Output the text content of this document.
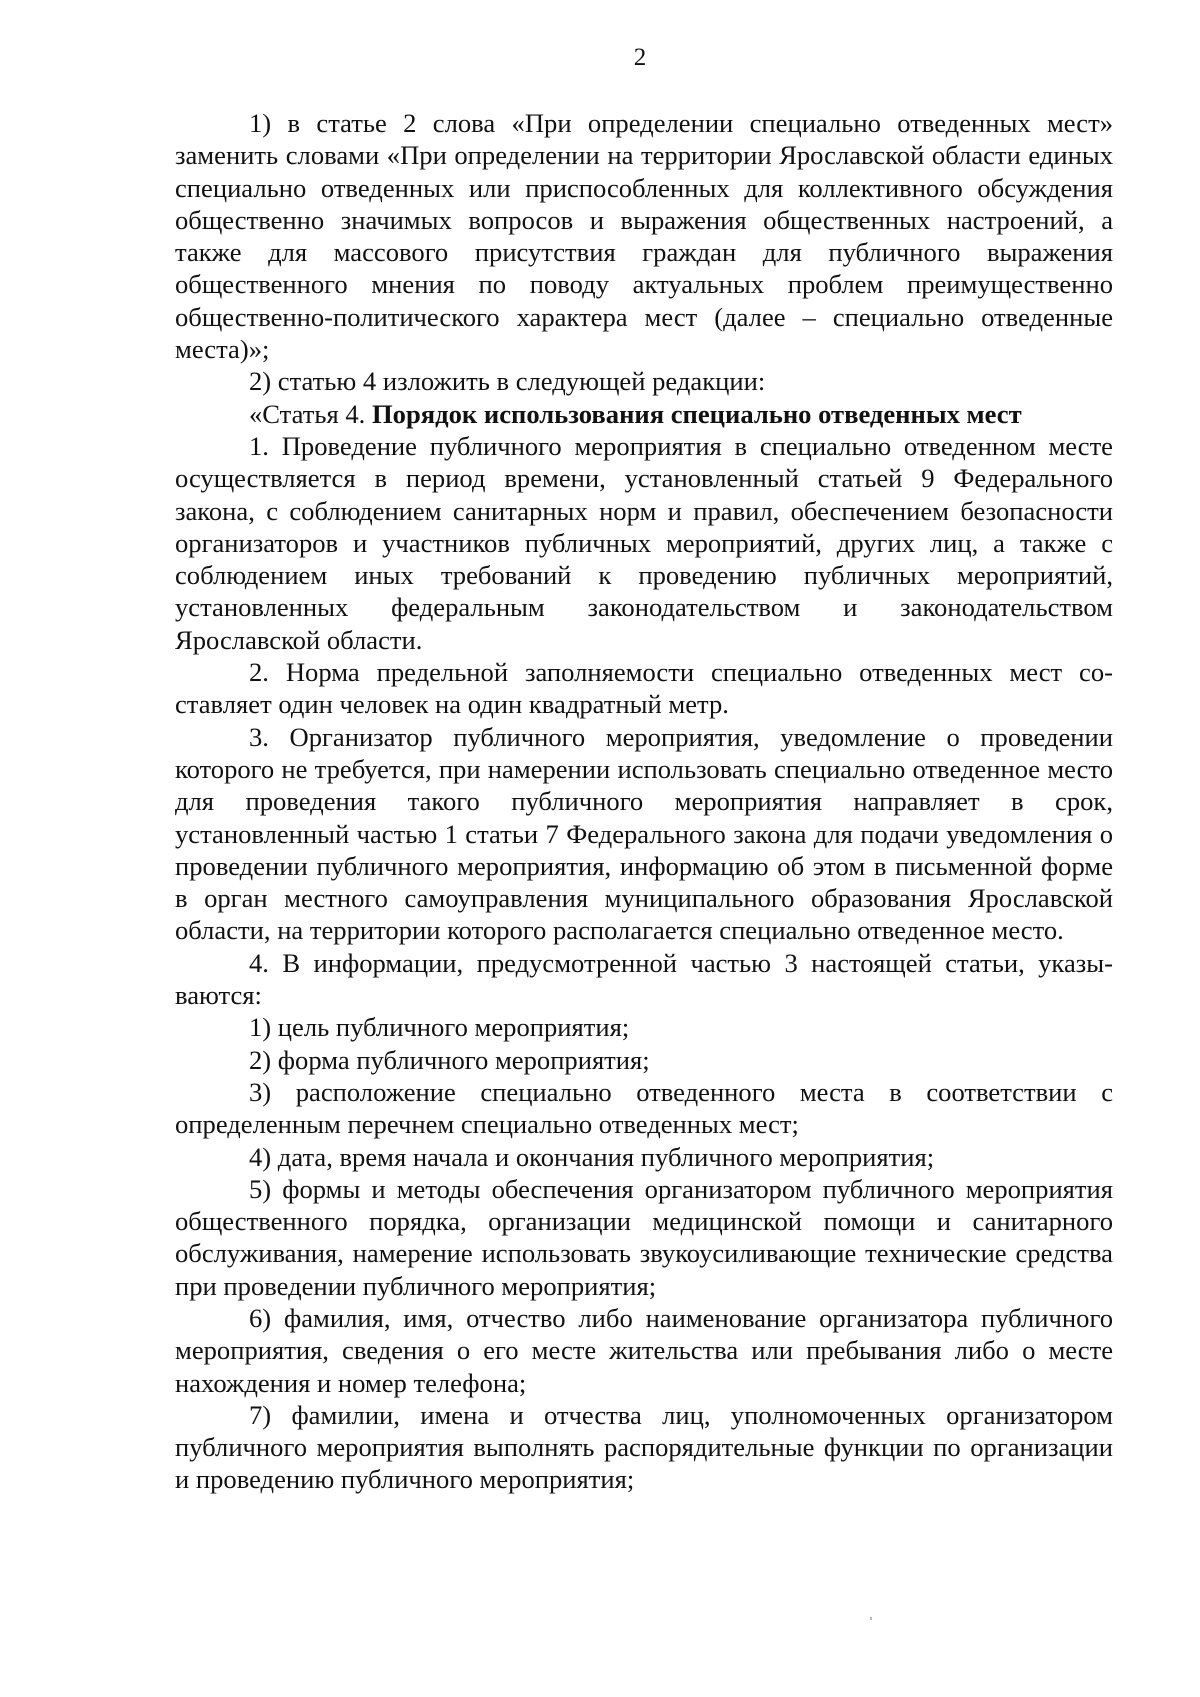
2

1) в статье 2 слова «При определении специально отведенных мест» заменить словами «При определении на территории Ярославской области единых специально отведенных или приспособленных для коллективного обсуждения общественно значимых вопросов и выражения общественных настроений, а также для массового присутствия граждан для публичного выражения общественного мнения по поводу актуальных проблем преимущественно общественно-политического характера мест (далее – специально отведенные места)»;

2) статью 4 изложить в следующей редакции:

«Статья 4. Порядок использования специально отведенных мест

1. Проведение публичного мероприятия в специально отведенном месте осуществляется в период времени, установленный статьей 9 Федерального закона, с соблюдением санитарных норм и правил, обеспечением безопасности организаторов и участников публичных мероприятий, других лиц, а также с соблюдением иных требований к проведению публичных мероприятий, установленных федеральным законодательством и законодательством Ярославской области.

2. Норма предельной заполняемости специально отведенных мест составляет один человек на один квадратный метр.

3. Организатор публичного мероприятия, уведомление о проведении которого не требуется, при намерении использовать специально отведенное место для проведения такого публичного мероприятия направляет в срок, установленный частью 1 статьи 7 Федерального закона для подачи уведомления о проведении публичного мероприятия, информацию об этом в письменной форме в орган местного самоуправления муниципального образования Ярославской области, на территории которого располагается специально отведенное место.

4. В информации, предусмотренной частью 3 настоящей статьи, указываются:

1) цель публичного мероприятия;

2) форма публичного мероприятия;

3) расположение специально отведенного места в соответствии с определенным перечнем специально отведенных мест;

4) дата, время начала и окончания публичного мероприятия;

5) формы и методы обеспечения организатором публичного мероприятия общественного порядка, организации медицинской помощи и санитарного обслуживания, намерение использовать звукоусиливающие технические средства при проведении публичного мероприятия;

6) фамилия, имя, отчество либо наименование организатора публичного мероприятия, сведения о его месте жительства или пребывания либо о месте нахождения и номер телефона;

7) фамилии, имена и отчества лиц, уполномоченных организатором публичного мероприятия выполнять распорядительные функции по организации и проведению публичного мероприятия;
